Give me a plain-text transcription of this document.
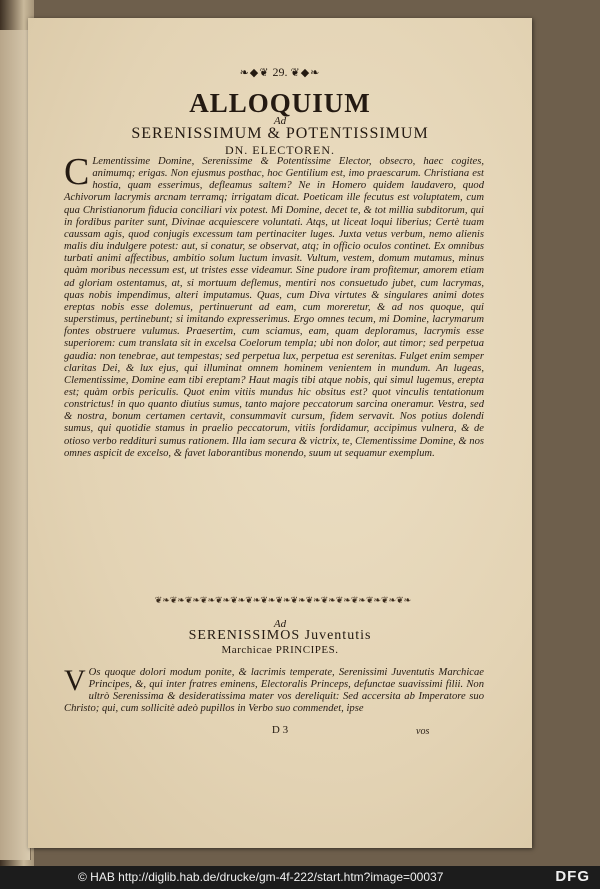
❧◆❦ 29. ❦◆❧
ALLOQUIUM
Ad
SERENISSIMUM & POTENTISSIMUM
DN. ELECTOREN.
C Lementissime Domine, Serenissime & Potentissime Elector, obsecro, haec cogites, animumq; erigas. Non ejusmus posthac, hoc Gentilium est, imo praescarum. Christiana est hostia, quam esserimus, defleamus saltem? Ne in Homero quidem laudavero, quod Achivorum lacrymis arcnam terramq; irrigatam dicat. Poeticam ille fecutus est voluptatem, cum qua Christianorum fiducia conciliari vix potest. Mi Domine, decet te, & tot millia subditorum, qui in fordibus pariter sunt, Divinae acquiescere voluntati. Atqs, ut liceat loqui liberius; Certè tuam caussam agis, quod conjugis excessum tam pertinaciter luges. Juxta vetus verbum, nemo alienis malis diu indulgere potest: aut, si conatur, se observat, atq; in officio oculos continet. Ex omnibus turbati animi affectibus, ambitio solum luctum invasit. Vultum, vestem, domum mutamus, minus quàm moribus necessum est, ut tristes esse videamur. Sine pudore iram profitemur, amorem etiam ad gloriam ostentamus, at, si mortuum deflemus, mentiri nos consuetudo jubet, cum lacrymas, quas nobis impendimus, alteri imputamus. Quas, cum Diva virtutes & singulares animi dotes ereptas nobis esse dolemus, pertinuerunt ad eam, cum moreretur, & ad nos quoque, qui superstimus, pertinebunt; si imitando expresserimus. Ergo omnes tecum, mi Domine, lacrymarum fontes obstruere vulumus. Praesertim, cum sciamus, eam, quam deploramus, lacrymis esse superiorem: cum translata sit in excelsa Coelorum templa; ubi non dolor, aut timor; sed perpetua gaudia: non tenebrae, aut tempestas; sed perpetua lux, perpetua est serenitas. Fulget enim semper claritas Dei, & lux ejus, qui illuminat omnem hominem venientem in mundum. An lugeas, Clementissime, Domine eam tibi ereptam? Haut magis tibi atque nobis, qui simul lugemus, erepta est; quàm orbis periculis. Quot enim vitiis mundus hic obsitus est? quot vinculis tentationum constrictus! in quo quanto diutius sumus, tanto majore peccatorum sarcina oneramur. Vestra, sed & nostra, bonum certamen certavit, consummavit cursum, fidem servavit. Nos potius dolendi sumus, qui quotidie stamus in praelio peccatorum, vitiis fordidamur, accipimus vulnera, & de otioso verbo reddituri sumus rationem. Illa iam secura & victrix, te, Clementissime Domine, & nos omnes aspicit de excelso, & favet laborantibus monendo, suum ut sequamur exemplum.
❦❧❦❧❦❧❦❧❦❧❦❧❦❧❦❧❦❧❦❧❦❧❦❧❦❧❦❧❦❧❦❧❦❧
Ad
SERENISSIMOS Juventutis
Marchicae PRINCIPES.
V Os quoque dolori modum ponite, & lacrimis temperate, Serenissimi Juventutis Marchicae Principes, &, qui inter fratres eminens, Electoralis Princeps, defunctae suavissimi filii. Non ultrò Serenissima & desideratissima mater vos dereliquit: Sed accersita ab Imperatore suo Christo; qui, cum sollicitè adeò pupillos in Verbo suo commendet, ipse
D 3	vos
© HAB http://diglib.hab.de/drucke/gm-4f-222/start.htm?image=00037	DFG
